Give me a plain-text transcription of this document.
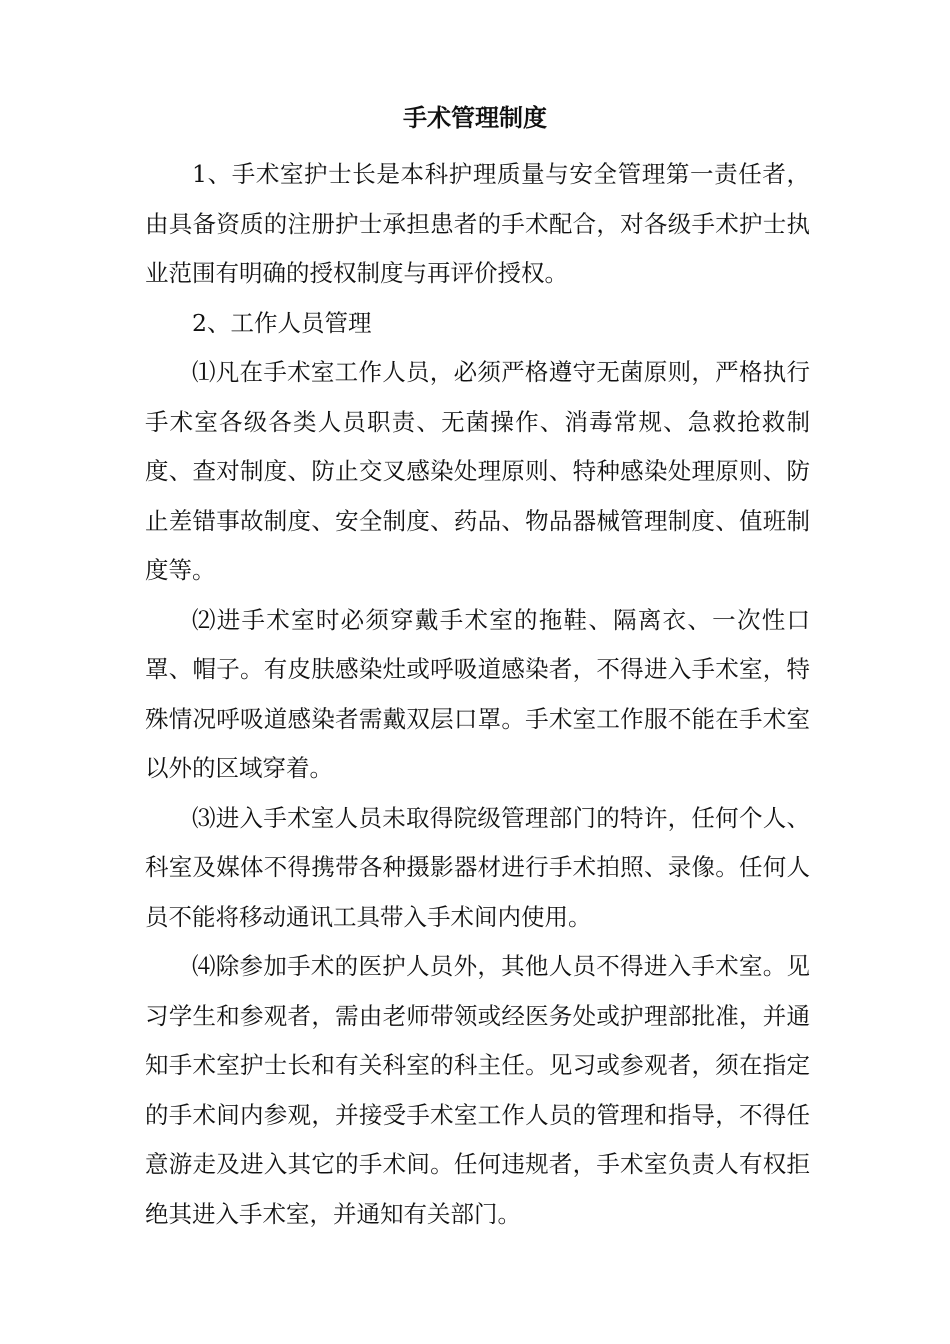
手术管理制度

1、手术室护士长是本科护理质量与安全管理第一责任者，由具备资质的注册护士承担患者的手术配合，对各级手术护士执业范围有明确的授权制度与再评价授权。

2、工作人员管理

⑴凡在手术室工作人员，必须严格遵守无菌原则，严格执行手术室各级各类人员职责、无菌操作、消毒常规、急救抢救制度、查对制度、防止交叉感染处理原则、特种感染处理原则、防止差错事故制度、安全制度、药品、物品器械管理制度、值班制度等。

⑵进手术室时必须穿戴手术室的拖鞋、隔离衣、一次性口罩、帽子。有皮肤感染灶或呼吸道感染者，不得进入手术室，特殊情况呼吸道感染者需戴双层口罩。手术室工作服不能在手术室以外的区域穿着。

⑶进入手术室人员未取得院级管理部门的特许，任何个人、科室及媒体不得携带各种摄影器材进行手术拍照、录像。任何人员不能将移动通讯工具带入手术间内使用。

⑷除参加手术的医护人员外，其他人员不得进入手术室。见习学生和参观者，需由老师带领或经医务处或护理部批准，并通知手术室护士长和有关科室的科主任。见习或参观者，须在指定的手术间内参观，并接受手术室工作人员的管理和指导，不得任意游走及进入其它的手术间。任何违规者，手术室负责人有权拒绝其进入手术室，并通知有关部门。
